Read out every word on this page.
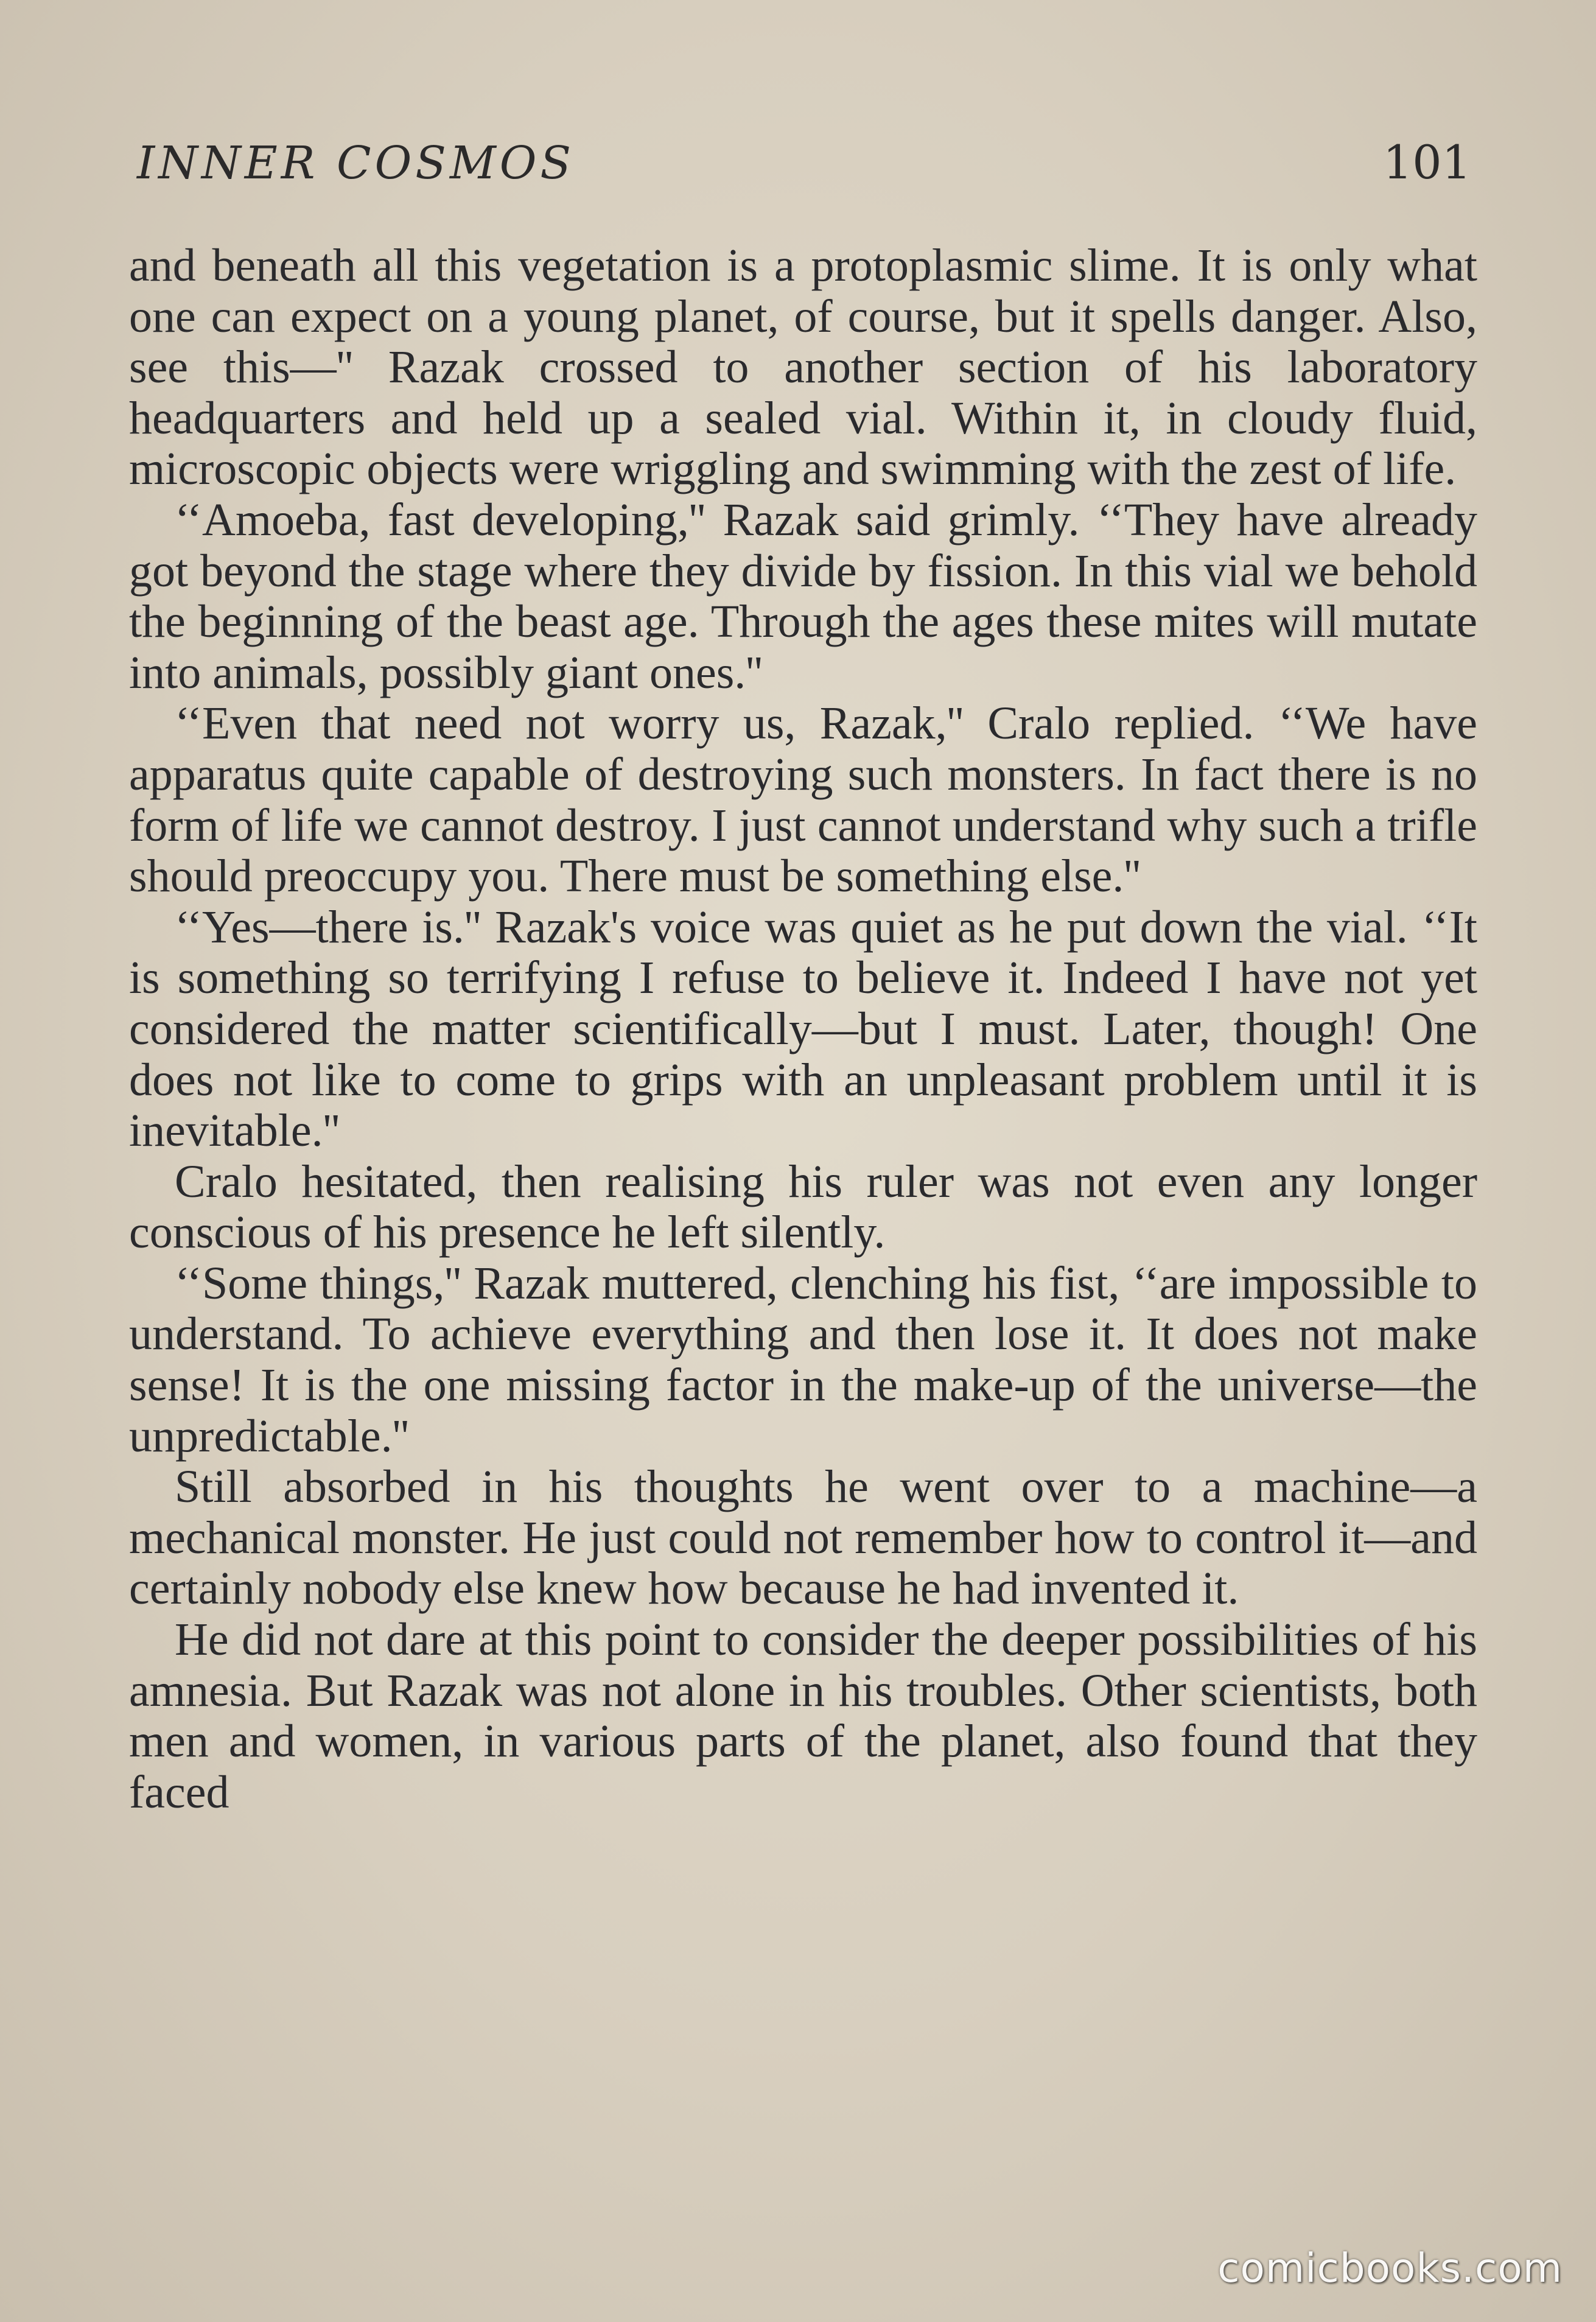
INNER COSMOS	101

and beneath all this vegetation is a protoplasmic slime. It is only what one can expect on a young planet, of course, but it spells danger. Also, see this—'' Razak crossed to another section of his laboratory headquarters and held up a sealed vial. Within it, in cloudy fluid, microscopic objects were wriggling and swimming with the zest of life.

‘‘Amoeba, fast developing,'' Razak said grimly. ‘‘They have already got beyond the stage where they divide by fission. In this vial we behold the beginning of the beast age. Through the ages these mites will mutate into animals, possibly giant ones.''

‘‘Even that need not worry us, Razak,'' Cralo replied. ‘‘We have apparatus quite capable of destroying such monsters. In fact there is no form of life we cannot destroy. I just cannot understand why such a trifle should preoccupy you. There must be something else.''

‘‘Yes—there is.'' Razak's voice was quiet as he put down the vial. ‘‘It is something so terrifying I refuse to believe it. Indeed I have not yet considered the matter scientifically—but I must. Later, though! One does not like to come to grips with an unpleasant problem until it is inevitable.''

Cralo hesitated, then realising his ruler was not even any longer conscious of his presence he left silently.

‘‘Some things,'' Razak muttered, clenching his fist, ‘‘are impossible to understand. To achieve everything and then lose it. It does not make sense! It is the one missing factor in the make-up of the universe—the unpredictable.''

Still absorbed in his thoughts he went over to a machine—a mechanical monster. He just could not remember how to control it—and certainly nobody else knew how because he had invented it.

He did not dare at this point to consider the deeper possibilities of his amnesia. But Razak was not alone in his troubles. Other scientists, both men and women, in various parts of the planet, also found that they faced

comicbooks.com
